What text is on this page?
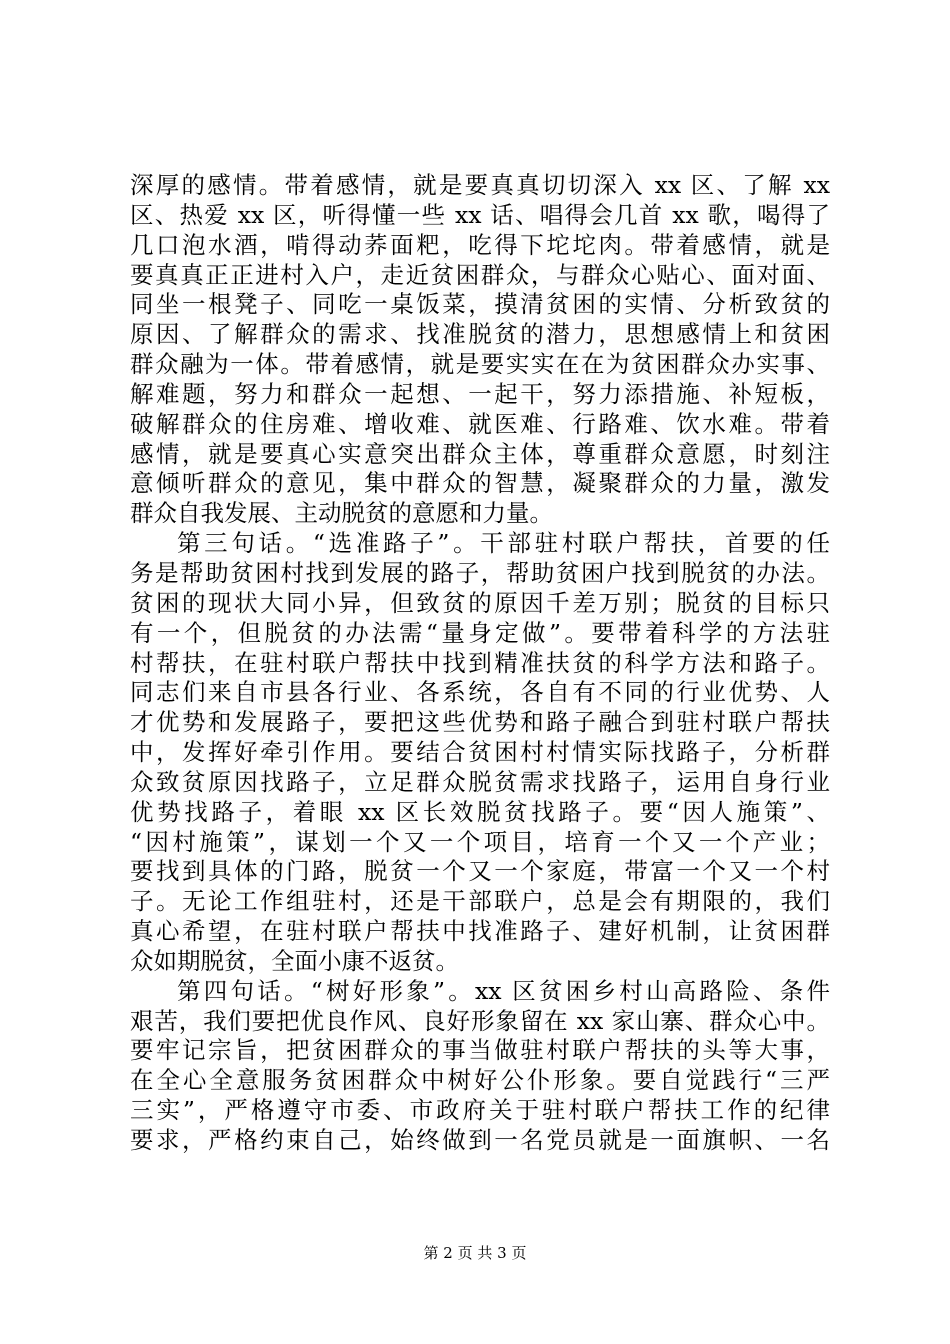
深厚的感情。带着感情，就是要真真切切深入 xx 区、了解 xx
区、热爱 xx 区，听得懂一些 xx 话、唱得会几首 xx 歌，喝得了
几口泡水酒，啃得动荞面粑，吃得下坨坨肉。带着感情，就是
要真真正正进村入户，走近贫困群众，与群众心贴心、面对面、
同坐一根凳子、同吃一桌饭菜，摸清贫困的实情、分析致贫的
原因、了解群众的需求、找准脱贫的潜力，思想感情上和贫困
群众融为一体。带着感情，就是要实实在在为贫困群众办实事、
解难题，努力和群众一起想、一起干，努力添措施、补短板，
破解群众的住房难、增收难、就医难、行路难、饮水难。带着
感情，就是要真心实意突出群众主体，尊重群众意愿，时刻注
意倾听群众的意见，集中群众的智慧，凝聚群众的力量，激发
群众自我发展、主动脱贫的意愿和力量。
第三句话。“选准路子”。干部驻村联户帮扶，首要的任
务是帮助贫困村找到发展的路子，帮助贫困户找到脱贫的办法。
贫困的现状大同小异，但致贫的原因千差万别；脱贫的目标只
有一个，但脱贫的办法需“量身定做”。要带着科学的方法驻
村帮扶，在驻村联户帮扶中找到精准扶贫的科学方法和路子。
同志们来自市县各行业、各系统，各自有不同的行业优势、人
才优势和发展路子，要把这些优势和路子融合到驻村联户帮扶
中，发挥好牵引作用。要结合贫困村村情实际找路子，分析群
众致贫原因找路子，立足群众脱贫需求找路子，运用自身行业
优势找路子，着眼 xx 区长效脱贫找路子。要“因人施策”、
“因村施策”，谋划一个又一个项目，培育一个又一个产业；
要找到具体的门路，脱贫一个又一个家庭，带富一个又一个村
子。无论工作组驻村，还是干部联户，总是会有期限的，我们
真心希望，在驻村联户帮扶中找准路子、建好机制，让贫困群
众如期脱贫，全面小康不返贫。
第四句话。“树好形象”。xx 区贫困乡村山高路险、条件
艰苦，我们要把优良作风、良好形象留在 xx 家山寨、群众心中。
要牢记宗旨，把贫困群众的事当做驻村联户帮扶的头等大事，
在全心全意服务贫困群众中树好公仆形象。要自觉践行“三严
三实”，严格遵守市委、市政府关于驻村联户帮扶工作的纪律
要求，严格约束自己，始终做到一名党员就是一面旗帜、一名
第 2 页 共 3 页
